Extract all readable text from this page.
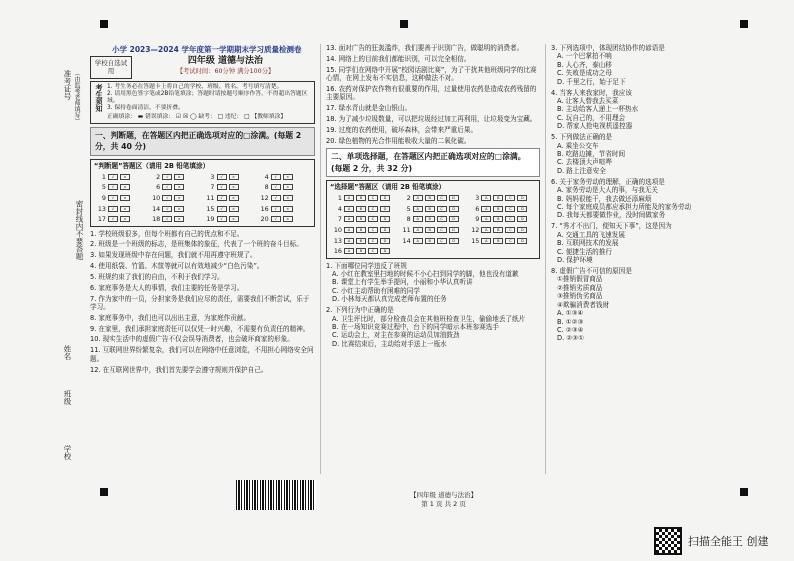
准考证号 （由监考老师填写）
密封线内不要答题
姓名
班级
学校
小学 2023—2024 学年度第一学期期末学习质量检测卷
学校自选试用
四年级 道德与法治
【考试时间：60分钟 满分100分】
考生须知 1. 考生务必在答题卡上将自己的学校、班级、姓名、考号填写清楚。
2. 请用黑色签字笔或2B铅笔填涂；答题时请按题号顺序作答，不得超出答题区域。
3. 保持卷面清洁，不要折叠。
正确填涂： ▬ 错误填涂： ☑ ☒ ◯ 缺考： □ 违纪： □ 【教师填涂】
一、判断题，在答题区内把正确选项对应的□涂满。(每题 2 分，共 40 分)
“判断题”答题区（请用 2B 铅笔填涂）
1	√	×	2	√	×	3	√	×	4	√	×
5	√	×	6	√	×	7	√	×	8	√	×
9	√	×	10	√	×	11	√	×	12	√	×
13	√	×	14	√	×	15	√	×	16	√	×
17	√	×	18	√	×	19	√	×	20	√	×
1. 学校班级很多，但每个班都有自己的优点和不足。
2. 班级是一个班级的标志，是班集体的象征，代表了一个班的奋斗目标。
3. 如果发现班级中存在问题，我们就不用再遵守班规了。
4. 使用纸袋、竹篮、木筐等就可以有效地减少“白色污染”。
5. 班规约束了我们的自由，不利于我们学习。
6. 家庭事务是大人的事情，我们主要的任务是学习。
7. 作为家中的一员，分担家务是我们应尽的责任，需要我们不断尝试，乐于学习。
8. 家庭事务中，我们也可以出出主意，为家庭作贡献。
9. 在家里，我们承担家庭责任可以仅凭一时兴趣，不需要有负责任的精神。
10. 现实生活中的虚假广告不仅会误导消费者，也会破坏商家的形象。
11. 互联网世界纷繁复杂，我们可以在网络中任意浏览，不用担心网络安全问题。
12. 在互联网世界中，我们首先要学会遵守规则并保护自己。
13. 面对广告的狂轰滥炸，我们要善于识别广告，做聪明的消费者。
14. 网络上的目前我们都能识别，可以完全相信。
15. 同学们在网络中开展“校园话剧比赛”，为了干扰其他班级同学的比赛心情，在网上发布不实信息，这种做法不对。
16. 农药对保护农作物有很重要的作用，过量使用农药是造成农药残留的主要原因。
17. 绿水青山就是金山银山。
18. 为了减少垃圾数量，可以把垃圾经过加工再利用，让垃圾变为宝藏。
19. 过度的农药使用，破坏森林，会带来严重后果。
20. 绿色植物的光合作用能吸收大量的二氧化碳。
二、单项选择题，在答题区内把正确选项对应的□涂满。(每题 2 分，共 32 分)
“选择题”答题区（请用 2B 铅笔填涂）
1	A	B	C	D	2	A	B	C	D	3	A	B	C	D
4	A	B	C	D	5	A	B	C	D	6	A	B	C	D
7	A	B	C	D	8	A	B	C	D	9	A	B	C	D
10	A	B	C	D	11	A	B	C	D	12	A	B	C	D
13	A	B	C	D	14	A	B	C	D	15	A	B	C	D
16	A	B	C	D
1. 下面哪位同学违反了班规
A. 小红在教室里扫地的时候不小心扫到同学的脚，他也没有道歉
B. 课堂上有学生举手提问，小丽和小华认真听讲
C. 小红主动帮助有困难的同学
D. 小林每天都认真完成老师布置的任务
2. 下列行为中正确的是
A. 卫生评比时，部分检查员会在其他班检查卫生，偷偷地丢了纸片
B. 在一场知识竞赛过程中，台下的同学暗示本班参赛选手
C. 运动会上，对主在参赛的运动员加油鼓劲
D. 比赛结束后，主动给对手送上一瓶水
3. 下列选项中，体现团结协作的谚语是
A. 一个巴掌拍不响
B. 人心齐，泰山移
C. 失败是成功之母
D. 千里之行，始于足下
4. 当客人来我家时，我应该
A. 让客人替我去买菜
B. 主动给客人递上一杯热水
C. 玩自己的，不用理会
D. 帮家人抢电视机遥控器
5. 下列做法正确的是
A. 乘坐公交车
B. 吃路边摊，节省时间
C. 去楼顶大声喧哗
D. 路上注意安全
6. 关于家务劳动的理解，正确的选项是
A. 家务劳动是大人的事，与我无关
B. 妈妈很能干，我去做还添麻烦
C. 每个家庭成员都应承担力所能及的家务劳动
D. 我每天都要做作业，没时间做家务
7. “秀才不出门，便知天下事”，这是因为
A. 交通工具的飞速发展
B. 互联网技术的发展
C. 便捷生活的推行
D. 保护环境
8. 虚假广告不可信的原因是
①推销假冒商品
②推销劣质商品
③推销伪劣商品
④欺骗消费者钱财
A. ①③④
B. ①②③
C. ②③④
D. ②③①
【四年级 道德与法治】
第 1 页 共 2 页
扫描全能王 创建
